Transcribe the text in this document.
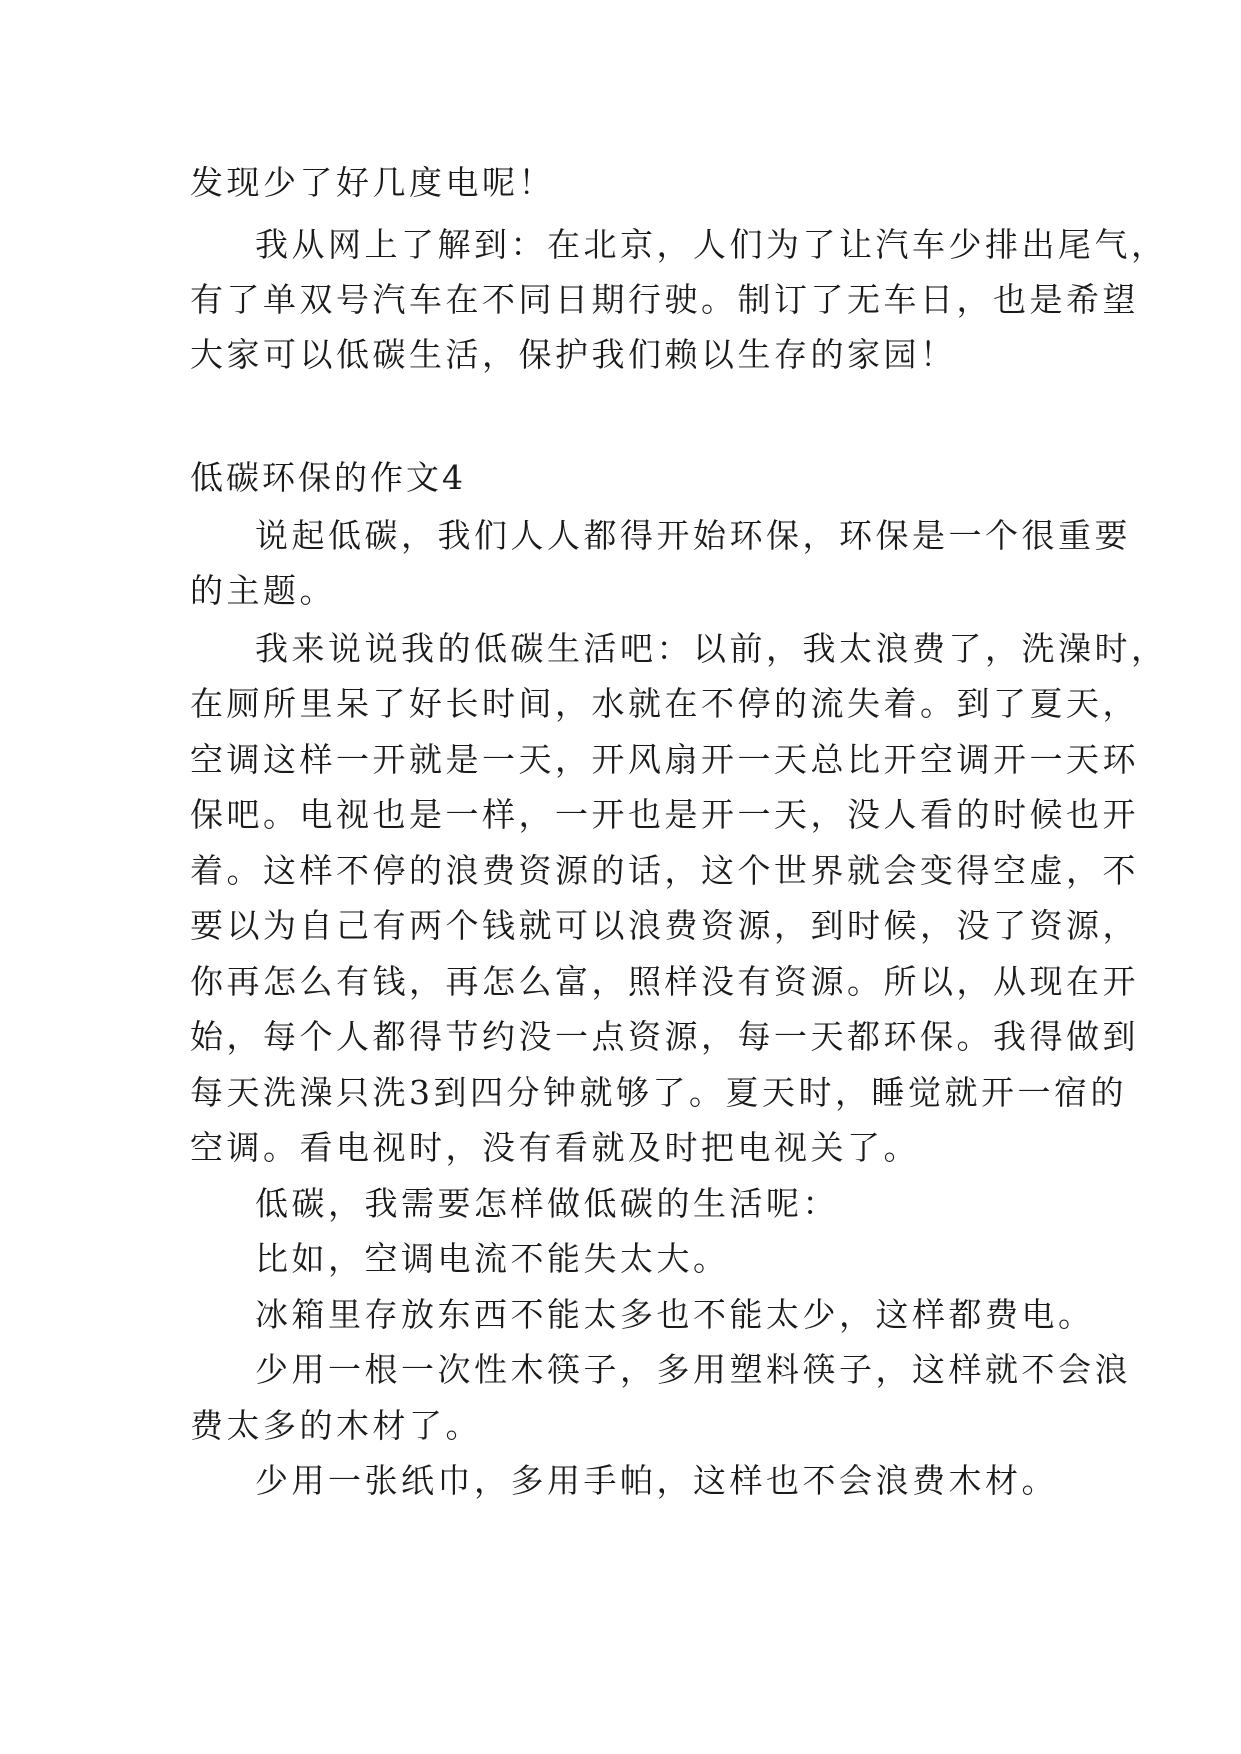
发现少了好几度电呢！
我从网上了解到：在北京，人们为了让汽车少排出尾气，
有了单双号汽车在不同日期行驶。制订了无车日，也是希望
大家可以低碳生活，保护我们赖以生存的家园！
低碳环保的作文4
说起低碳，我们人人都得开始环保，环保是一个很重要
的主题。
我来说说我的低碳生活吧：以前，我太浪费了，洗澡时，
在厕所里呆了好长时间，水就在不停的流失着。到了夏天，
空调这样一开就是一天，开风扇开一天总比开空调开一天环
保吧。电视也是一样，一开也是开一天，没人看的时候也开
着。这样不停的浪费资源的话，这个世界就会变得空虚，不
要以为自己有两个钱就可以浪费资源，到时候，没了资源，
你再怎么有钱，再怎么富，照样没有资源。所以，从现在开
始，每个人都得节约没一点资源，每一天都环保。我得做到
每天洗澡只洗3到四分钟就够了。夏天时，睡觉就开一宿的
空调。看电视时，没有看就及时把电视关了。
低碳，我需要怎样做低碳的生活呢：
比如，空调电流不能失太大。
冰箱里存放东西不能太多也不能太少，这样都费电。
少用一根一次性木筷子，多用塑料筷子，这样就不会浪
费太多的木材了。
少用一张纸巾，多用手帕，这样也不会浪费木材。
